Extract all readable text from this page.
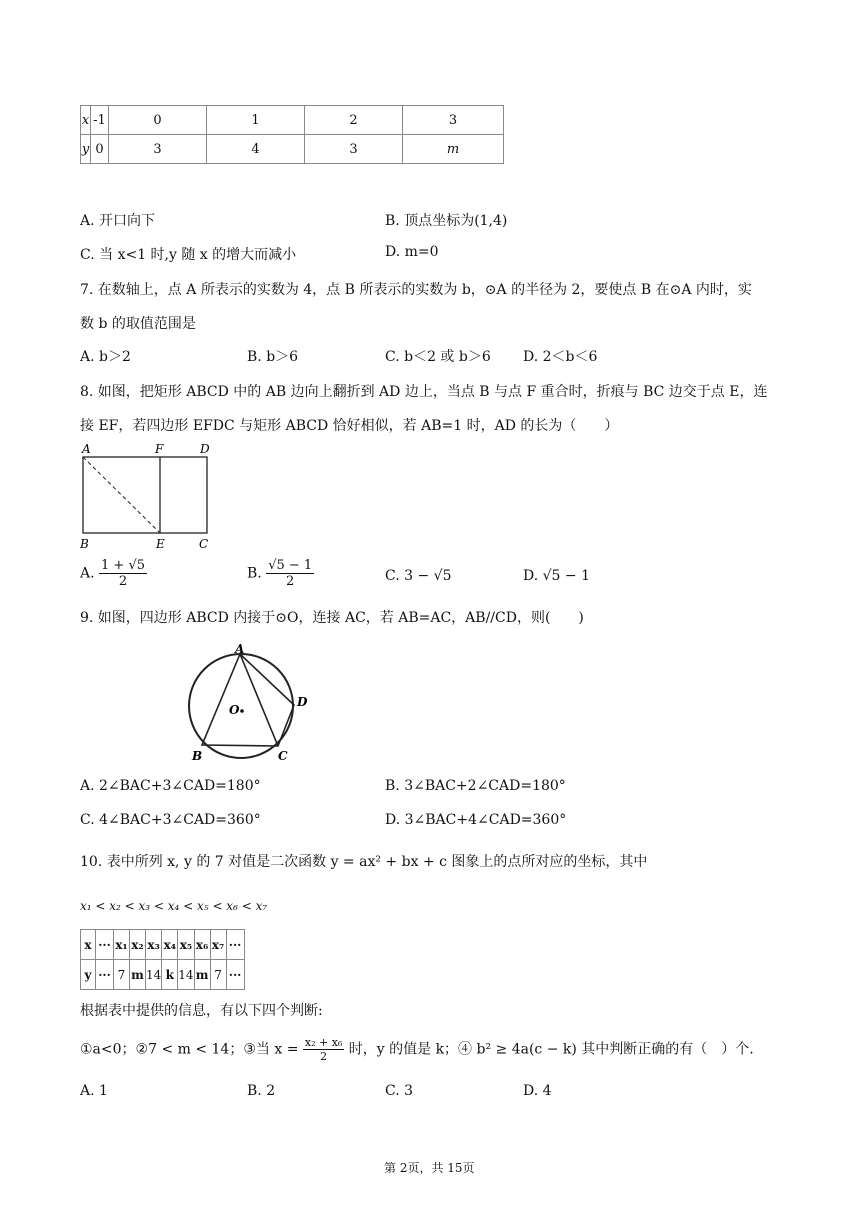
x	-1	0	1	2	3
y	0	3	4	3	m
A. 开口向下	B. 顶点坐标为(1,4)
C. 当 x<1 时,y 随 x 的增大而减小	D. m=0
7. 在数轴上，点 A 所表示的实数为 4，点 B 所表示的实数为 b，⊙A 的半径为 2，要使点 B 在⊙A 内时，实
数 b 的取值范围是
A. b＞2	B. b＞6	C. b＜2 或 b＞6 D. 2＜b＜6
8. 如图，把矩形 ABCD 中的 AB 边向上翻折到 AD 边上，当点 B 与点 F 重合时，折痕与 BC 边交于点 E，连
接 EF，若四边形 EFDC 与矩形 ABCD 恰好相似，若 AB=1 时，AD 的长为（　　）
A	F	D
B	E	C
A. $\frac{1 + √5}{2}$	B. $\frac{√5 - 1}{2}$	C. 3 − √5	D. √5 − 1
9. 如图，四边形 ABCD 内接于⊙O，连接 AC，若 AB=AC，AB//CD，则(　　)
A
B	C
D
O
A. 2∠BAC+3∠CAD=180°	B. 3∠BAC+2∠CAD=180°
C. 4∠BAC+3∠CAD=360°	D. 3∠BAC+4∠CAD=360°
10. 表中所列 x, y 的 7 对值是二次函数 y = ax² + bx + c 图象上的点所对应的坐标，其中
x₁ < x₂ < x₃ < x₄ < x₅ < x₆ < x₇
x	···	x₁	x₂	x₃	x₄	x₅	x₆	x₇	···
y	···	7	m	14	k	14	m	7	···
根据表中提供的信息，有以下四个判断:
①a<0；②7 < m < 14；③当 $x = \frac{\text{x₂ + x₆}}{2}$ 时，y 的值是 k；④ b² ≥ 4a(c − k) 其中判断正确的有（　）个.
A. 1	B. 2	C. 3	D. 4
第 2页，共 15页
